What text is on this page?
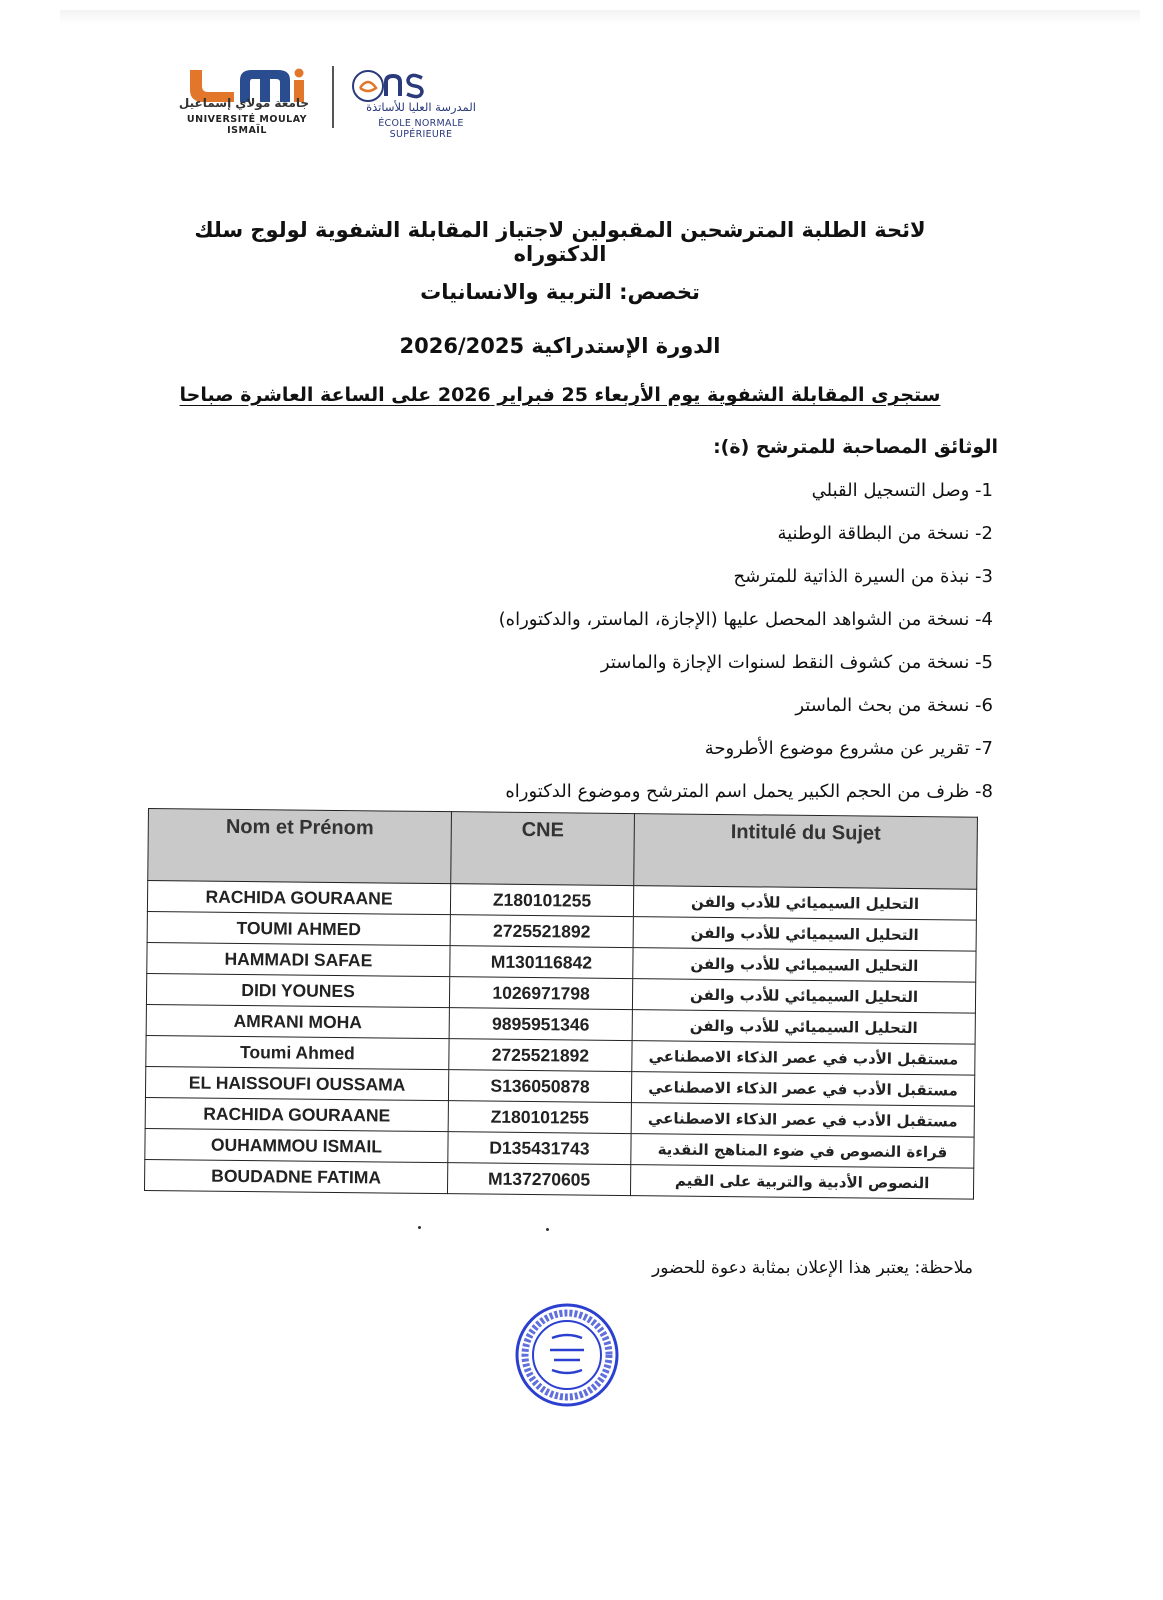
جامعة مولاي إسماعيل
UNIVERSITÉ MOULAY ISMAÏL
المدرسة العليا للأساتذة
ÉCOLE NORMALE SUPÉRIEURE
لائحة الطلبة المترشحين المقبولين لاجتياز المقابلة الشفوية لولوج سلك الدكتوراه
تخصص: التربية والانسانيات
الدورة الإستدراكية 2026/2025
ستجرى المقابلة الشفوية يوم الأربعاء 25 فبراير 2026 على الساعة العاشرة صباحا
الوثائق المصاحبة للمترشح (ة):
1- وصل التسجيل القبلي
2- نسخة من البطاقة الوطنية
3- نبذة من السيرة الذاتية للمترشح
4- نسخة من الشواهد المحصل عليها (الإجازة، الماستر، والدكتوراه)
5- نسخة من كشوف النقط لسنوات الإجازة والماستر
6- نسخة من بحث الماستر
7- تقرير عن مشروع موضوع الأطروحة
8- ظرف من الحجم الكبير يحمل اسم المترشح وموضوع الدكتوراه
Nom et Prénom	CNE	Intitulé du Sujet
RACHIDA GOURAANE	Z180101255	التحليل السيميائي للأدب والفن
TOUMI AHMED	2725521892	التحليل السيميائي للأدب والفن
HAMMADI SAFAE	M130116842	التحليل السيميائي للأدب والفن
DIDI YOUNES	1026971798	التحليل السيميائي للأدب والفن
AMRANI MOHA	9895951346	التحليل السيميائي للأدب والفن
Toumi Ahmed	2725521892	مستقبل الأدب في عصر الذكاء الاصطناعي
EL HAISSOUFI OUSSAMA	S136050878	مستقبل الأدب في عصر الذكاء الاصطناعي
RACHIDA GOURAANE	Z180101255	مستقبل الأدب في عصر الذكاء الاصطناعي
OUHAMMOU ISMAIL	D135431743	قراءة النصوص في ضوء المناهج النقدية
BOUDADNE FATIMA	M137270605	النصوص الأدبية والتربية على القيم
ملاحظة: يعتبر هذا الإعلان بمثابة دعوة للحضور
